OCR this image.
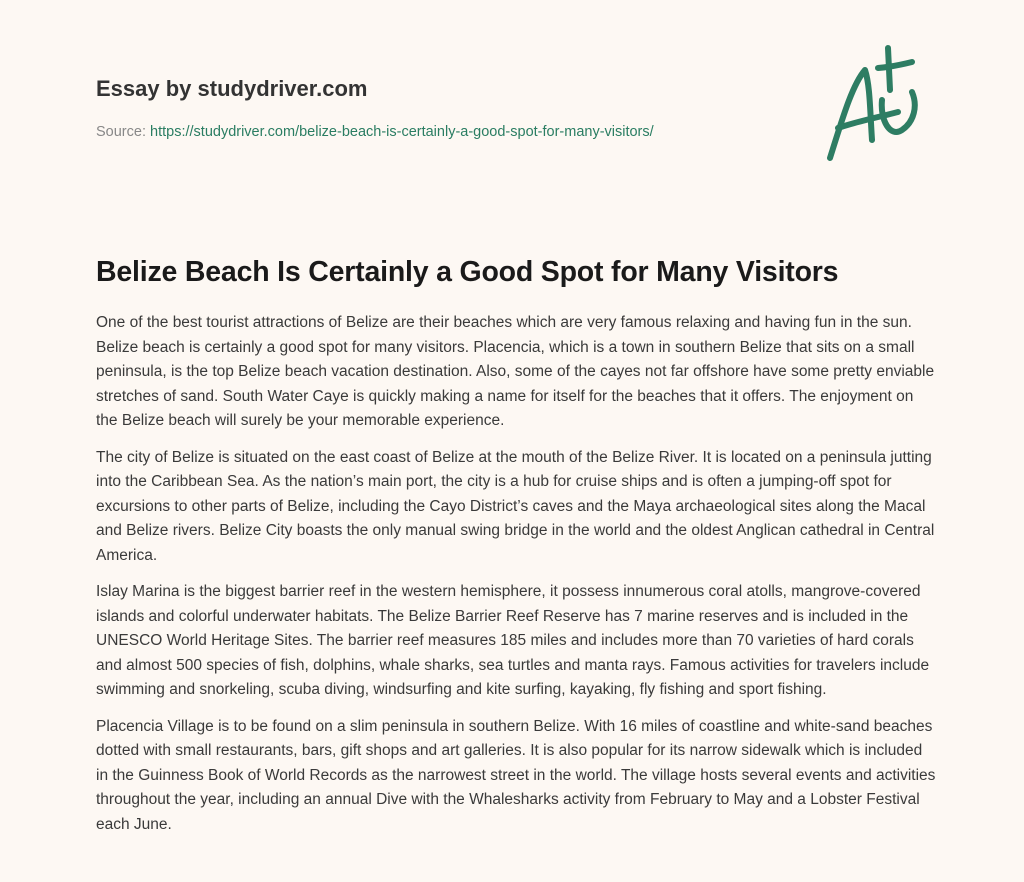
Essay by studydriver.com
Source: https://studydriver.com/belize-beach-is-certainly-a-good-spot-for-many-visitors/
Belize Beach Is Certainly a Good Spot for Many Visitors

One of the best tourist attractions of Belize are their beaches which are very famous relaxing and having fun in the sun. Belize beach is certainly a good spot for many visitors. Placencia, which is a town in southern Belize that sits on a small peninsula, is the top Belize beach vacation destination. Also, some of the cayes not far offshore have some pretty enviable stretches of sand. South Water Caye is quickly making a name for itself for the beaches that it offers. The enjoyment on the Belize beach will surely be your memorable experience.

The city of Belize is situated on the east coast of Belize at the mouth of the Belize River. It is located on a peninsula jutting into the Caribbean Sea. As the nation’s main port, the city is a hub for cruise ships and is often a jumping-off spot for excursions to other parts of Belize, including the Cayo District’s caves and the Maya archaeological sites along the Macal and Belize rivers. Belize City boasts the only manual swing bridge in the world and the oldest Anglican cathedral in Central America.

Islay Marina is the biggest barrier reef in the western hemisphere, it possess innumerous coral atolls, mangrove-covered islands and colorful underwater habitats. The Belize Barrier Reef Reserve has 7 marine reserves and is included in the UNESCO World Heritage Sites. The barrier reef measures 185 miles and includes more than 70 varieties of hard corals and almost 500 species of fish, dolphins, whale sharks, sea turtles and manta rays. Famous activities for travelers include swimming and snorkeling, scuba diving, windsurfing and kite surfing, kayaking, fly fishing and sport fishing.

Placencia Village is to be found on a slim peninsula in southern Belize. With 16 miles of coastline and white-sand beaches dotted with small restaurants, bars, gift shops and art galleries. It is also popular for its narrow sidewalk which is included in the Guinness Book of World Records as the narrowest street in the world. The village hosts several events and activities throughout the year, including an annual Dive with the Whalesharks activity from February to May and a Lobster Festival each June.
